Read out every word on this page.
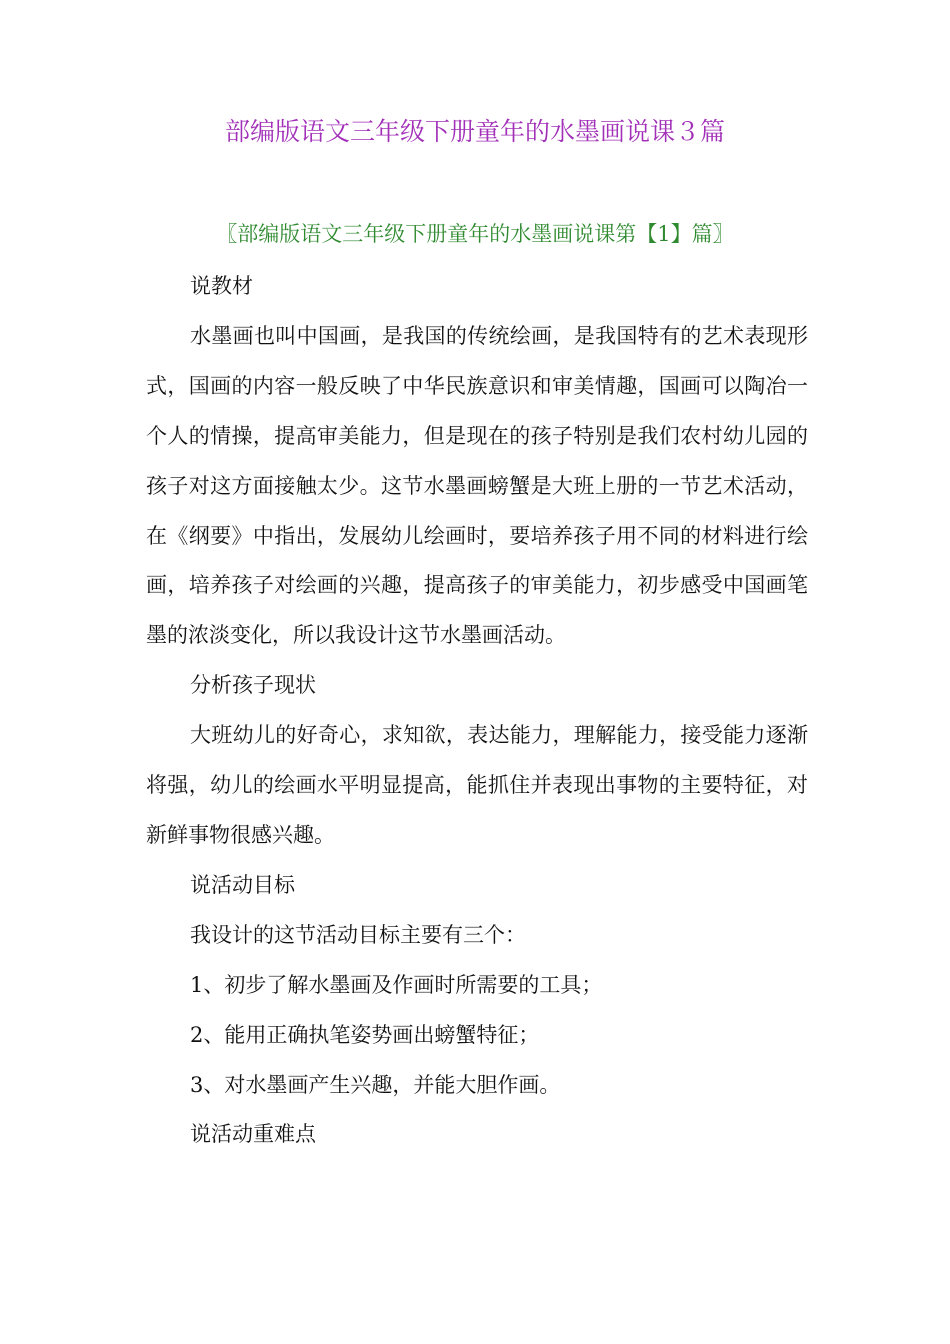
部编版语文三年级下册童年的水墨画说课３篇
〖部编版语文三年级下册童年的水墨画说课第【1】篇〗

说教材

水墨画也叫中国画，是我国的传统绘画，是我国特有的艺术表现形式，国画的内容一般反映了中华民族意识和审美情趣，国画可以陶冶一个人的情操，提高审美能力，但是现在的孩子特别是我们农村幼儿园的孩子对这方面接触太少。这节水墨画螃蟹是大班上册的一节艺术活动，在《纲要》中指出，发展幼儿绘画时，要培养孩子用不同的材料进行绘画，培养孩子对绘画的兴趣，提高孩子的审美能力，初步感受中国画笔墨的浓淡变化，所以我设计这节水墨画活动。

分析孩子现状

大班幼儿的好奇心，求知欲，表达能力，理解能力，接受能力逐渐将强，幼儿的绘画水平明显提高，能抓住并表现出事物的主要特征，对新鲜事物很感兴趣。

说活动目标

我设计的这节活动目标主要有三个：

1、初步了解水墨画及作画时所需要的工具；

2、能用正确执笔姿势画出螃蟹特征；

3、对水墨画产生兴趣，并能大胆作画。

说活动重难点
